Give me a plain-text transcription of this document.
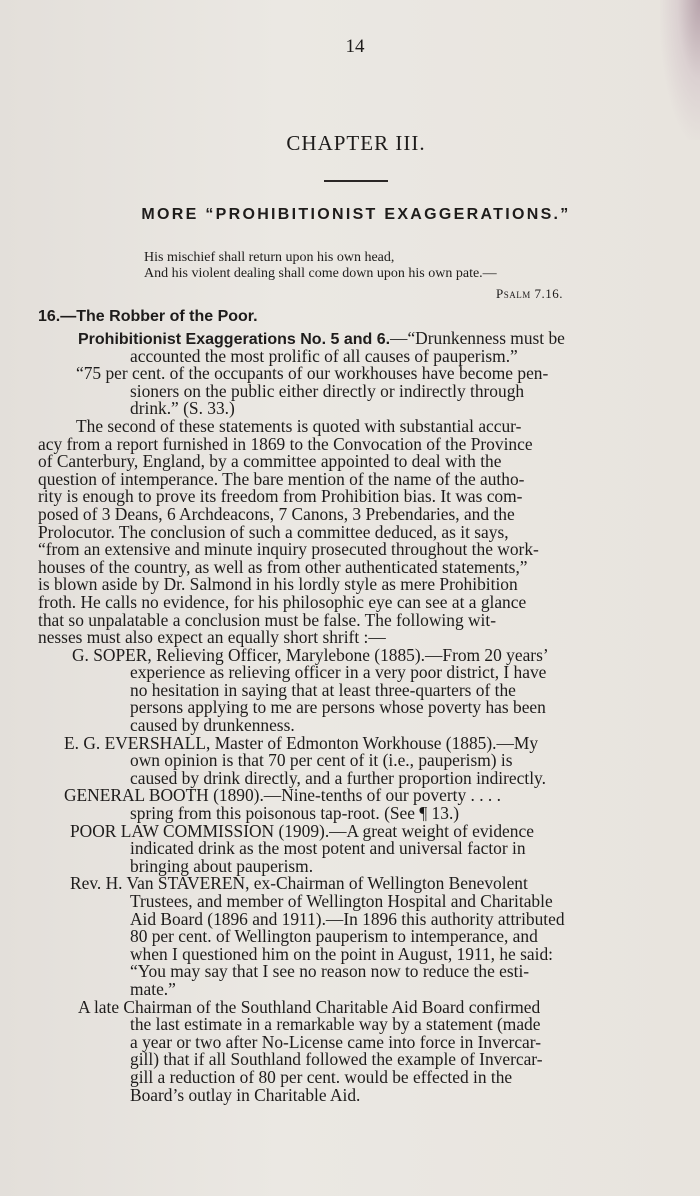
14
CHAPTER III.
MORE “PROHIBITIONIST EXAGGERATIONS.”
His mischief shall return upon his own head,
And his violent dealing shall come down upon his own pate.—
Psalm 7.16.
16.—The Robber of the Poor.
Prohibitionist Exaggerations No. 5 and 6.—“Drunkenness must be
accounted the most prolific of all causes of pauperism.”
“75 per cent. of the occupants of our workhouses have become pen-
sioners on the public either directly or indirectly through
drink.” (S. 33.)
The second of these statements is quoted with substantial accur-
acy from a report furnished in 1869 to the Convocation of the Province
of Canterbury, England, by a committee appointed to deal with the
question of intemperance. The bare mention of the name of the autho-
rity is enough to prove its freedom from Prohibition bias. It was com-
posed of 3 Deans, 6 Archdeacons, 7 Canons, 3 Prebendaries, and the
Prolocutor. The conclusion of such a committee deduced, as it says,
“from an extensive and minute inquiry prosecuted throughout the work-
houses of the country, as well as from other authenticated statements,”
is blown aside by Dr. Salmond in his lordly style as mere Prohibition
froth. He calls no evidence, for his philosophic eye can see at a glance
that so unpalatable a conclusion must be false. The following wit-
nesses must also expect an equally short shrift :—
G. SOPER, Relieving Officer, Marylebone (1885).—From 20 years’
experience as relieving officer in a very poor district, I have
no hesitation in saying that at least three-quarters of the
persons applying to me are persons whose poverty has been
caused by drunkenness.
E. G. EVERSHALL, Master of Edmonton Workhouse (1885).—My
own opinion is that 70 per cent of it (i.e., pauperism) is
caused by drink directly, and a further proportion indirectly.
GENERAL BOOTH (1890).—Nine-tenths of our poverty . . . .
spring from this poisonous tap-root. (See ¶ 13.)
POOR LAW COMMISSION (1909).—A great weight of evidence
indicated drink as the most potent and universal factor in
bringing about pauperism.
Rev. H. Van STAVEREN, ex-Chairman of Wellington Benevolent
Trustees, and member of Wellington Hospital and Charitable
Aid Board (1896 and 1911).—In 1896 this authority attributed
80 per cent. of Wellington pauperism to intemperance, and
when I questioned him on the point in August, 1911, he said:
“You may say that I see no reason now to reduce the esti-
mate.”
A late Chairman of the Southland Charitable Aid Board confirmed
the last estimate in a remarkable way by a statement (made
a year or two after No-License came into force in Invercar-
gill) that if all Southland followed the example of Invercar-
gill a reduction of 80 per cent. would be effected in the
Board’s outlay in Charitable Aid.
